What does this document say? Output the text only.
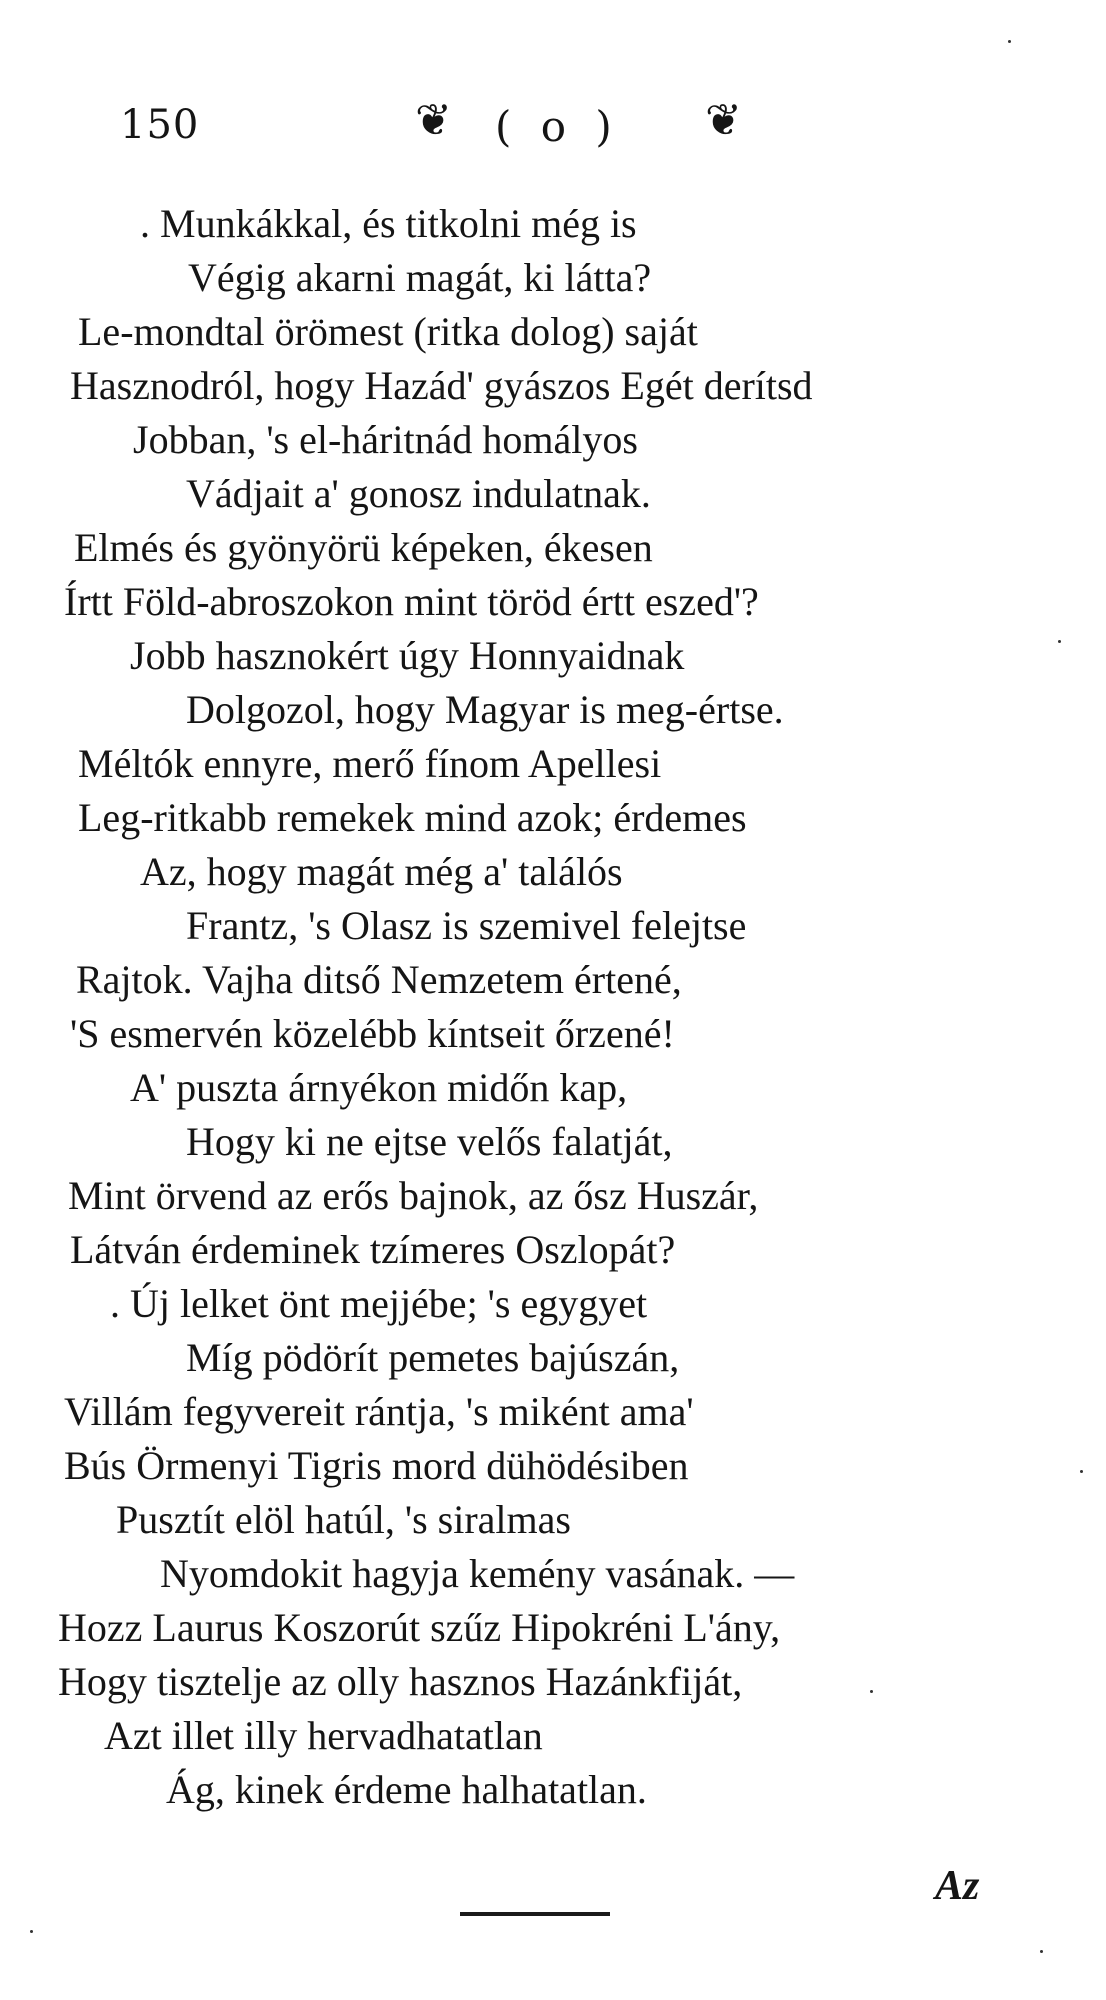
150	❦ ( o ) ❦
. Munkákkal, és titkolni még is
Végig akarni magát, ki látta?
Le-mondtal örömest (ritka dolog) saját
Hasznodról, hogy Hazád' gyászos Egét derítsd
Jobban, 's el-háritnád homályos
Vádjait a' gonosz indulatnak.
Elmés és gyönyörü képeken, ékesen
Írtt Föld-abroszokon mint töröd értt eszed'?
Jobb hasznokért úgy Honnyaidnak
Dolgozol, hogy Magyar is meg-értse.
Méltók ennyre, merő fínom Apellesi
Leg-ritkabb remekek mind azok; érdemes
Az, hogy magát még a' találós
Frantz, 's Olasz is szemivel felejtse
Rajtok. Vajha ditső Nemzetem értené,
'S esmervén közelébb kíntseit őrzené!
A' puszta árnyékon midőn kap,
Hogy ki ne ejtse velős falatját,
Mint örvend az erős bajnok, az ősz Huszár,
Látván érdeminek tzímeres Oszlopát?
. Új lelket önt mejjébe; 's egygyet
Míg pödörít pemetes bajúszán,
Villám fegyvereit rántja, 's miként ama'
Bús Örmenyi Tigris mord dühödésiben
Pusztít elöl hatúl, 's siralmas
Nyomdokit hagyja kemény vasának. —
Hozz Laurus Koszorút szűz Hipokréni L'ány,
Hogy tisztelje az olly hasznos Hazánkfiját,
Azt illet illy hervadhatatlan
Ág, kinek érdeme halhatatlan.
Az
